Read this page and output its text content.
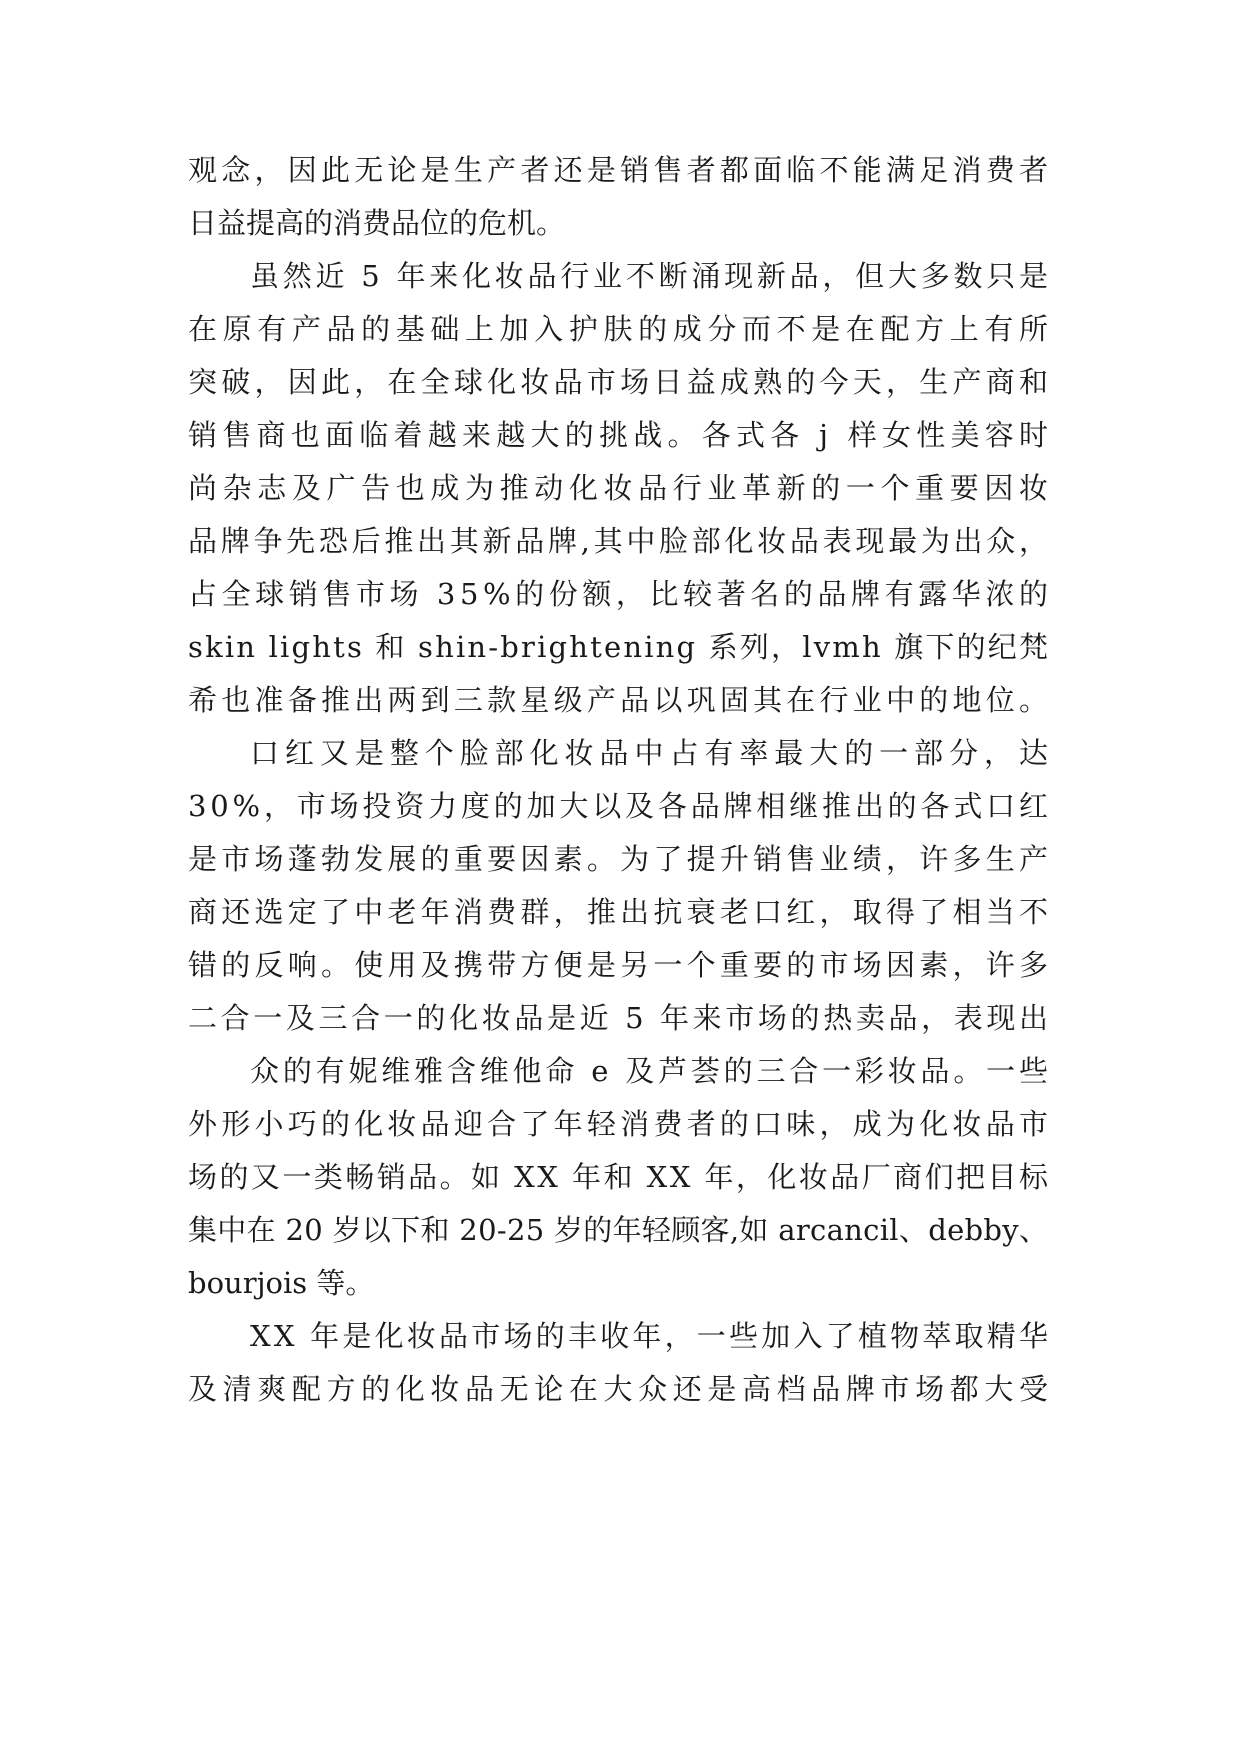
观念，因此无论是生产者还是销售者都面临不能满足消费者
日益提高的消费品位的危机。
虽然近 5 年来化妆品行业不断涌现新品，但大多数只是
在原有产品的基础上加入护肤的成分而不是在配方上有所
突破，因此，在全球化妆品市场日益成熟的今天，生产商和
销售商也面临着越来越大的挑战。各式各 j 样女性美容时
尚杂志及广告也成为推动化妆品行业革新的一个重要因妆
品牌争先恐后推出其新品牌,其中脸部化妆品表现最为出众，
占全球销售市场 35%的份额，比较著名的品牌有露华浓的
skin lights 和 shin-brightening 系列，lvmh 旗下的纪梵
希也准备推出两到三款星级产品以巩固其在行业中的地位。
口红又是整个脸部化妆品中占有率最大的一部分，达
30%，市场投资力度的加大以及各品牌相继推出的各式口红
是市场蓬勃发展的重要因素。为了提升销售业绩，许多生产
商还选定了中老年消费群，推出抗衰老口红，取得了相当不
错的反响。使用及携带方便是另一个重要的市场因素，许多
二合一及三合一的化妆品是近 5 年来市场的热卖品，表现出
众的有妮维雅含维他命 e 及芦荟的三合一彩妆品。一些
外形小巧的化妆品迎合了年轻消费者的口味，成为化妆品市
场的又一类畅销品。如 XX 年和 XX 年，化妆品厂商们把目标
集中在 20 岁以下和 20-25 岁的年轻顾客,如 arcancil、debby、
bourjois 等。
XX 年是化妆品市场的丰收年，一些加入了植物萃取精华
及清爽配方的化妆品无论在大众还是高档品牌市场都大受
